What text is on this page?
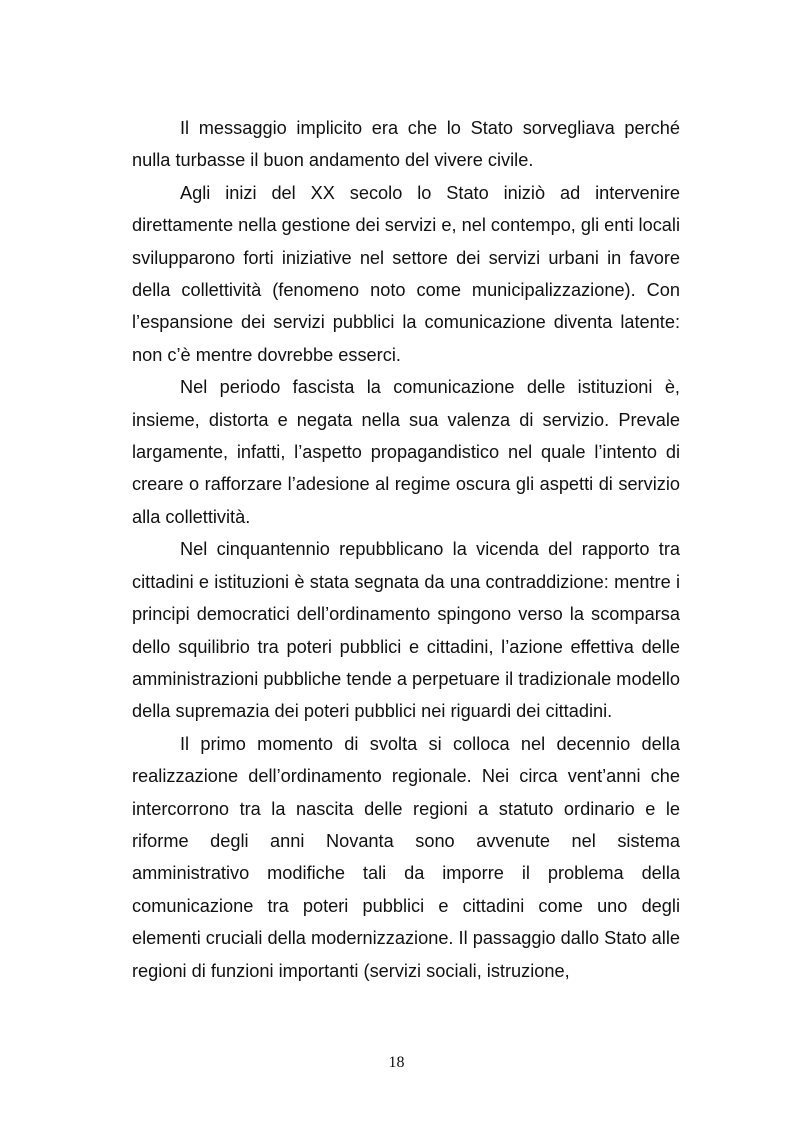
Il messaggio implicito era che lo Stato sorvegliava perché nulla turbasse il buon andamento del vivere civile.

Agli inizi del XX secolo lo Stato iniziò ad intervenire direttamente nella gestione dei servizi e, nel contempo, gli enti locali svilupparono forti iniziative nel settore dei servizi urbani in favore della collettività (fenomeno noto come municipalizzazione). Con l’espansione dei servizi pubblici la comunicazione diventa latente: non c’è mentre dovrebbe esserci.

Nel periodo fascista la comunicazione delle istituzioni è, insieme, distorta e negata nella sua valenza di servizio. Prevale largamente, infatti, l’aspetto propagandistico nel quale l’intento di creare o rafforzare l’adesione al regime oscura gli aspetti di servizio alla collettività.

Nel cinquantennio repubblicano la vicenda del rapporto tra cittadini e istituzioni è stata segnata da una contraddizione: mentre i principi democratici dell’ordinamento spingono verso la scomparsa dello squilibrio tra poteri pubblici e cittadini, l’azione effettiva delle amministrazioni pubbliche tende a perpetuare il tradizionale modello della supremazia dei poteri pubblici nei riguardi dei cittadini.

Il primo momento di svolta si colloca nel decennio della realizzazione dell’ordinamento regionale. Nei circa vent’anni che intercorrono tra la nascita delle regioni a statuto ordinario e le riforme degli anni Novanta sono avvenute nel sistema amministrativo modifiche tali da imporre il problema della comunicazione tra poteri pubblici e cittadini come uno degli elementi cruciali della modernizzazione. Il passaggio dallo Stato alle regioni di funzioni importanti (servizi sociali, istruzione,

18
